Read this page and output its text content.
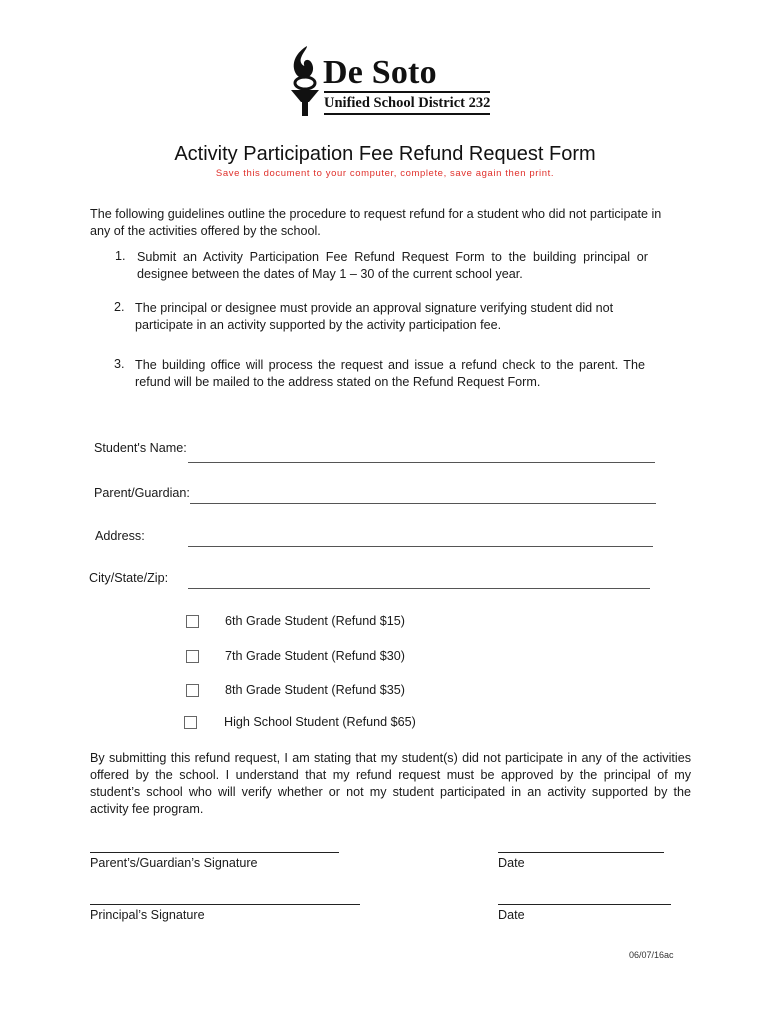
De Soto
Unified School District 232
Activity Participation Fee Refund Request Form
Save this document to your computer, complete, save again then print.
The following guidelines outline the procedure to request refund for a student who did not participate in any of the activities offered by the school.
1. Submit an Activity Participation Fee Refund Request Form to the building principal or designee between the dates of May 1 – 30 of the current school year.
2. The principal or designee must provide an approval signature verifying student did not participate in an activity supported by the activity participation fee.
3. The building office will process the request and issue a refund check to the parent. The refund will be mailed to the address stated on the Refund Request Form.
Student's Name:
Parent/Guardian:
Address:
City/State/Zip:
6th Grade Student (Refund $15)
7th Grade Student (Refund $30)
8th Grade Student (Refund $35)
High School Student (Refund $65)
By submitting this refund request, I am stating that my student(s) did not participate in any of the activities offered by the school. I understand that my refund request must be approved by the principal of my student’s school who will verify whether or not my student participated in an activity supported by the activity fee program.
Parent’s/Guardian’s Signature	Date
Principal’s Signature	Date
06/07/16ac
